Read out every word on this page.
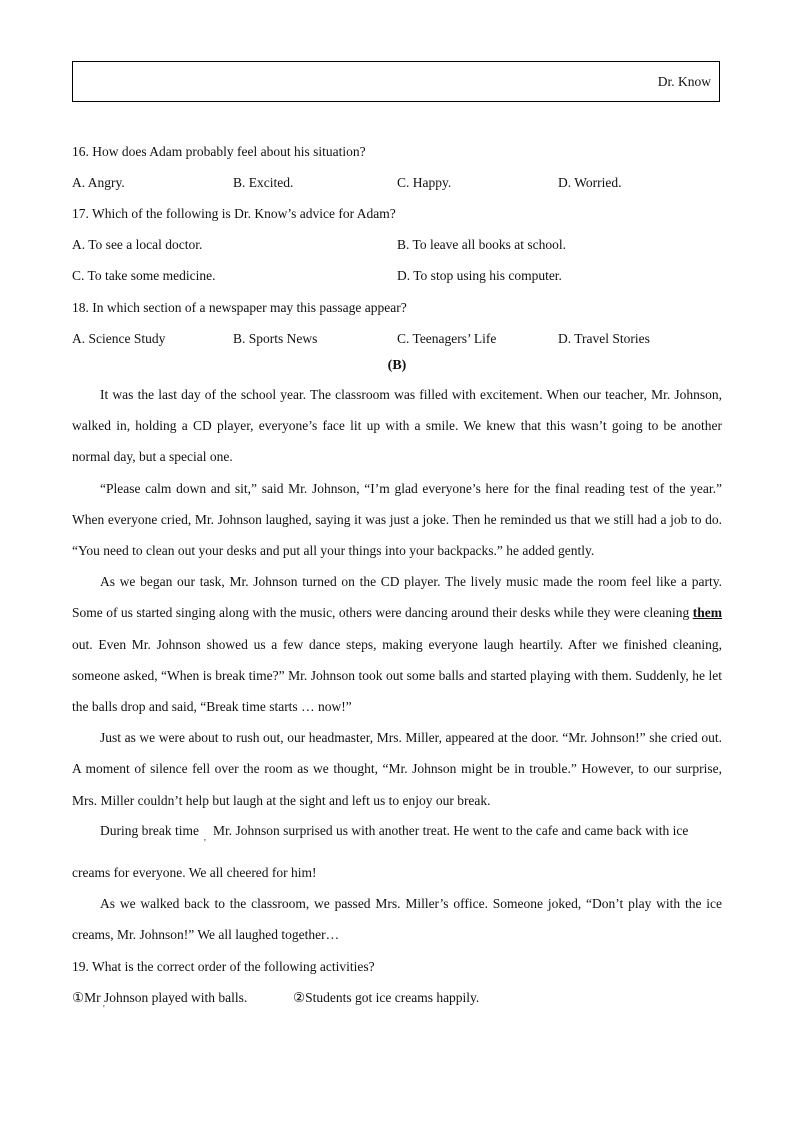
Dr. Know
16. How does Adam probably feel about his situation?
A. Angry.	B. Excited.	C. Happy.	D. Worried.
17. Which of the following is Dr. Know’s advice for Adam?
A. To see a local doctor.	B. To leave all books at school.
C. To take some medicine.	D. To stop using his computer.
18. In which section of a newspaper may this passage appear?
A. Science Study	B. Sports News	C. Teenagers’ Life	D. Travel Stories
(B)

It was the last day of the school year. The classroom was filled with excitement. When our teacher, Mr. Johnson, walked in, holding a CD player, everyone’s face lit up with a smile. We knew that this wasn’t going to be another normal day, but a special one.

“Please calm down and sit,” said Mr. Johnson, “I’m glad everyone’s here for the final reading test of the year.” When everyone cried, Mr. Johnson laughed, saying it was just a joke. Then he reminded us that we still had a job to do. “You need to clean out your desks and put all your things into your backpacks.” he added gently.

As we began our task, Mr. Johnson turned on the CD player. The lively music made the room feel like a party. Some of us started singing along with the music, others were dancing around their desks while they were cleaning them out. Even Mr. Johnson showed us a few dance steps, making everyone laugh heartily. After we finished cleaning, someone asked, “When is break time?” Mr. Johnson took out some balls and started playing with them. Suddenly, he let the balls drop and said, “Break time starts … now!”

Just as we were about to rush out, our headmaster, Mrs. Miller, appeared at the door. “Mr. Johnson!” she cried out. A moment of silence fell over the room as we thought, “Mr. Johnson might be in trouble.” However, to our surprise, Mrs. Miller couldn’t help but laugh at the sight and left us to enjoy our break.

During break time Mr. Johnson surprised us with another treat. He went to the cafe and came back with ice
'
creams for everyone. We all cheered for him!

As we walked back to the classroom, we passed Mrs. Miller’s office. Someone joked, “Don’t play with the ice creams, Mr. Johnson!” We all laughed together…

19. What is the correct order of the following activities?
①Mr Johnson played with balls.	②Students got ice creams happily.
'
